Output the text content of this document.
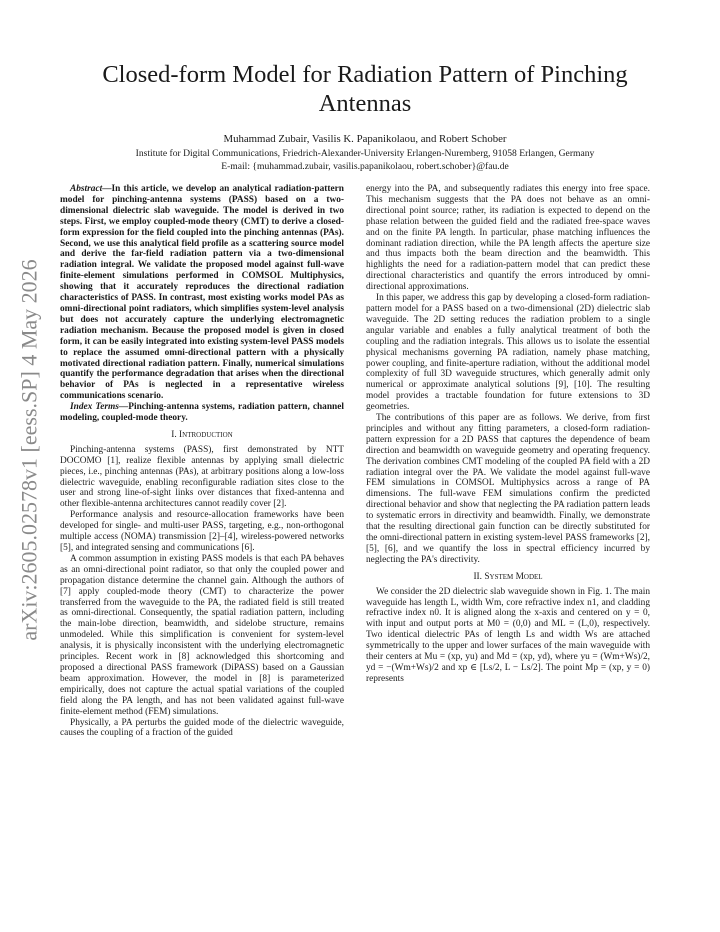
arXiv:2605.02578v1 [eess.SP] 4 May 2026
Closed-form Model for Radiation Pattern of Pinching Antennas
Muhammad Zubair, Vasilis K. Papanikolaou, and Robert Schober
Institute for Digital Communications, Friedrich-Alexander-University Erlangen-Nuremberg, 91058 Erlangen, Germany
E-mail: {muhammad.zubair, vasilis.papanikolaou, robert.schober}@fau.de

Abstract—In this article, we develop an analytical radiation-pattern model for pinching-antenna systems (PASS) based on a two-dimensional dielectric slab waveguide. The model is derived in two steps. First, we employ coupled-mode theory (CMT) to derive a closed-form expression for the field coupled into the pinching antennas (PAs). Second, we use this analytical field profile as a scattering source model and derive the far-field radiation pattern via a two-dimensional radiation integral. We validate the proposed model against full-wave finite-element simulations performed in COMSOL Multiphysics, showing that it accurately reproduces the directional radiation characteristics of PASS. In contrast, most existing works model PAs as omni-directional point radiators, which simplifies system-level analysis but does not accurately capture the underlying electromagnetic radiation mechanism. Because the proposed model is given in closed form, it can be easily integrated into existing system-level PASS models to replace the assumed omni-directional pattern with a physically motivated directional radiation pattern. Finally, numerical simulations quantify the performance degradation that arises when the directional behavior of PAs is neglected in a representative wireless communications scenario.

Index Terms—Pinching-antenna systems, radiation pattern, channel modeling, coupled-mode theory.

I. Introduction

Pinching-antenna systems (PASS), first demonstrated by NTT DOCOMO [1], realize flexible antennas by applying small dielectric pieces, i.e., pinching antennas (PAs), at arbitrary positions along a low-loss dielectric waveguide, enabling reconfigurable radiation sites close to the user and strong line-of-sight links over distances that fixed-antenna and other flexible-antenna architectures cannot readily cover [2].

Performance analysis and resource-allocation frameworks have been developed for single- and multi-user PASS, targeting, e.g., non-orthogonal multiple access (NOMA) transmission [2]–[4], wireless-powered networks [5], and integrated sensing and communications [6].

A common assumption in existing PASS models is that each PA behaves as an omni-directional point radiator, so that only the coupled power and propagation distance determine the channel gain. Although the authors of [7] apply coupled-mode theory (CMT) to characterize the power transferred from the waveguide to the PA, the radiated field is still treated as omni-directional. Consequently, the spatial radiation pattern, including the main-lobe direction, beamwidth, and sidelobe structure, remains unmodeled. While this simplification is convenient for system-level analysis, it is physically inconsistent with the underlying electromagnetic principles. Recent work in [8] acknowledged this shortcoming and proposed a directional PASS framework (DiPASS) based on a Gaussian beam approximation. However, the model in [8] is parameterized empirically, does not capture the actual spatial variations of the coupled field along the PA length, and has not been validated against full-wave finite-element method (FEM) simulations.

Physically, a PA perturbs the guided mode of the dielectric waveguide, causes the coupling of a fraction of the guided

energy into the PA, and subsequently radiates this energy into free space. This mechanism suggests that the PA does not behave as an omni-directional point source; rather, its radiation is expected to depend on the phase relation between the guided field and the radiated free-space waves and on the finite PA length. In particular, phase matching influences the dominant radiation direction, while the PA length affects the aperture size and thus impacts both the beam direction and the beamwidth. This highlights the need for a radiation-pattern model that can predict these directional characteristics and quantify the errors introduced by omni-directional approximations.

In this paper, we address this gap by developing a closed-form radiation-pattern model for a PASS based on a two-dimensional (2D) dielectric slab waveguide. The 2D setting reduces the radiation problem to a single angular variable and enables a fully analytical treatment of both the coupling and the radiation integrals. This allows us to isolate the essential physical mechanisms governing PA radiation, namely phase matching, power coupling, and finite-aperture radiation, without the additional model complexity of full 3D waveguide structures, which generally admit only numerical or approximate analytical solutions [9], [10]. The resulting model provides a tractable foundation for future extensions to 3D geometries.

The contributions of this paper are as follows. We derive, from first principles and without any fitting parameters, a closed-form radiation-pattern expression for a 2D PASS that captures the dependence of beam direction and beamwidth on waveguide geometry and operating frequency. The derivation combines CMT modeling of the coupled PA field with a 2D radiation integral over the PA. We validate the model against full-wave FEM simulations in COMSOL Multiphysics across a range of PA dimensions. The full-wave FEM simulations confirm the predicted directional behavior and show that neglecting the PA radiation pattern leads to systematic errors in directivity and beamwidth. Finally, we demonstrate that the resulting directional gain function can be directly substituted for the omni-directional pattern in existing system-level PASS frameworks [2], [5], [6], and we quantify the loss in spectral efficiency incurred by neglecting the PA's directivity.

II. System Model

We consider the 2D dielectric slab waveguide shown in Fig. 1. The main waveguide has length L, width Wm, core refractive index n1, and cladding refractive index n0. It is aligned along the x-axis and centered on y = 0, with input and output ports at M0 = (0,0) and ML = (L,0), respectively. Two identical dielectric PAs of length Ls and width Ws are attached symmetrically to the upper and lower surfaces of the main waveguide with their centers at Mu = (xp, yu) and Md = (xp, yd), where yu = (Wm+Ws)/2, yd = −(Wm+Ws)/2 and xp ∈ [Ls/2, L − Ls/2]. The point Mp = (xp, y = 0) represents
